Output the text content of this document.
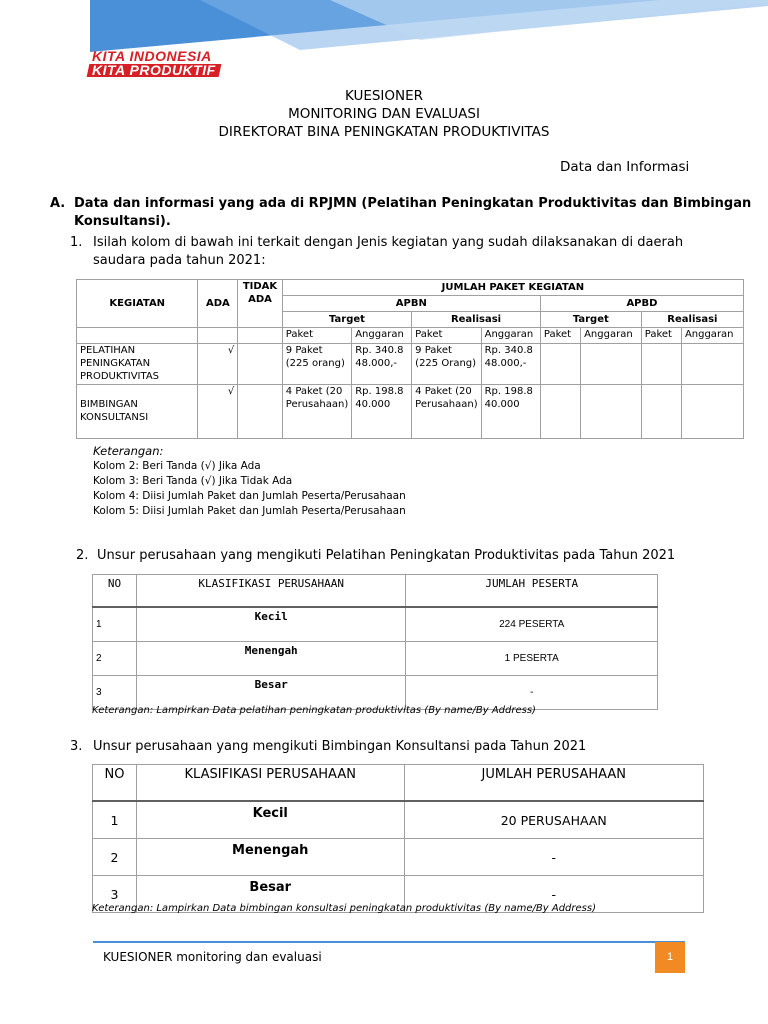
KITA INDONESIA
KITA PRODUKTIF
KUESIONER
MONITORING DAN EVALUASI
DIREKTORAT BINA PENINGKATAN PRODUKTIVITAS
Data dan Informasi
A. Data dan informasi yang ada di RPJMN (Pelatihan Peningkatan Produktivitas dan Bimbingan
Konsultansi).
1. Isilah kolom di bawah ini terkait dengan Jenis kegiatan yang sudah dilaksanakan di daerah
saudara pada tahun 2021:
KEGIATAN	ADA	TIDAK ADA	JUMLAH PAKET KEGIATAN							
			APBN				APBD			
			Target		Realisasi		Target		Realisasi	
			Paket	Anggaran	Paket	Anggaran	Paket	Anggaran	Paket	Anggaran
PELATIHAN PENINGKATAN PRODUKTIVITAS	√		9 Paket (225 orang)	Rp. 340.848.000,-	9 Paket (225 Orang)	Rp. 340.848.000,-				
BIMBINGAN KONSULTANSI	√		4 Paket (20 Perusahaan)	Rp. 198.840.000	4 Paket (20 Perusahaan)	Rp. 198.840.000				
Keterangan:
Kolom 2: Beri Tanda (√) Jika Ada
Kolom 3: Beri Tanda (√) Jika Tidak Ada
Kolom 4: Diisi Jumlah Paket dan Jumlah Peserta/Perusahaan
Kolom 5: Diisi Jumlah Paket dan Jumlah Peserta/Perusahaan
2. Unsur perusahaan yang mengikuti Pelatihan Peningkatan Produktivitas pada Tahun 2021
NO	KLASIFIKASI PERUSAHAAN	JUMLAH PESERTA
1	Kecil	224 PESERTA
2	Menengah	1 PESERTA
3	Besar	-
Keterangan: Lampirkan Data pelatihan peningkatan produktivitas (By name/By Address)
3. Unsur perusahaan yang mengikuti Bimbingan Konsultansi pada Tahun 2021
NO	KLASIFIKASI PERUSAHAAN	JUMLAH PERUSAHAAN
1	Kecil	20 PERUSAHAAN
2	Menengah	-
3	Besar	-
Keterangan: Lampirkan Data bimbingan konsultasi peningkatan produktivitas (By name/By Address)
KUESIONER monitoring dan evaluasi	1
